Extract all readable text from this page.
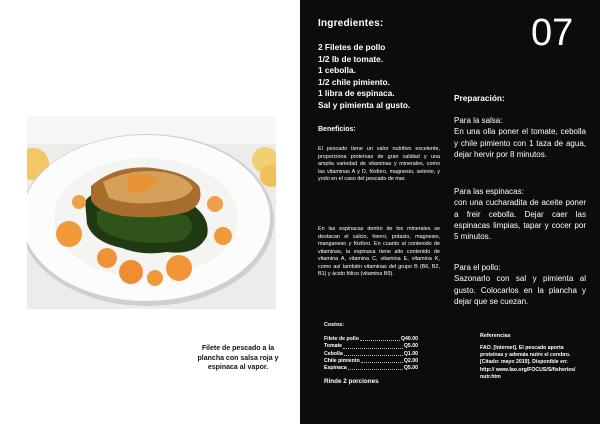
Filete de pescado a la plancha con salsa roja y espinaca al vapor.
Ingredientes:
2 Filetes de pollo
1/2 lb de tomate.
1 cebolla.
1/2 chile pimiento.
1 libra de espinaca.
Sal y pimienta al gusto.
07
Beneficios:

El pescado tiene un valor nutritivo excelente, proporciona proteínas de gran calidad y una amplia variedad de vitaminas y minerales, como las vitaminas A y D, fósforo, magnesio, selenio, y yodo en el caso del pescado de mar.

En las espinacas dentro de los minerales se destacan el calcio, hierro, potasio, magnesio, manganeso y fósforo. En cuanto al contenido de vitaminas, la espinaca tiene alto contenido de vitamina A, vitamina C, vitamina E, vitamina K, como así también vitaminas del grupo B (B6, B2, B1) y ácido fólico (vitamina B9).

Costos:
Filete de pollo	Q40.00
Tomate	Q5.00
Cebolla	Q1.00
Chile pimiento	Q2.00
Espinaca	Q5.00
Rinde 2 porciones
Preparación:

Para la salsa:
En una olla poner el tomate, cebolla y chile pimiento con 1 taza de agua, dejar hervir por 8 minutos.

Para las espinacas:
con una cucharadita de aceite poner a freir cebolla. Dejar caer las espinacas limpias, tapar y cocer por 5 minutos.

Para el pollo:
Sazonarlo con sal y pimienta al gusto. Colocarlos en la plancha y dejar que se cuezan.

Referencias

FAO. [Internet]. El pescado aporta proteínas y además nutre el cerebro.[Citado: mayo 2019]. Disponible en: http:// www.fao.org/FOCUS/S/fisheries/ nutr.htm
